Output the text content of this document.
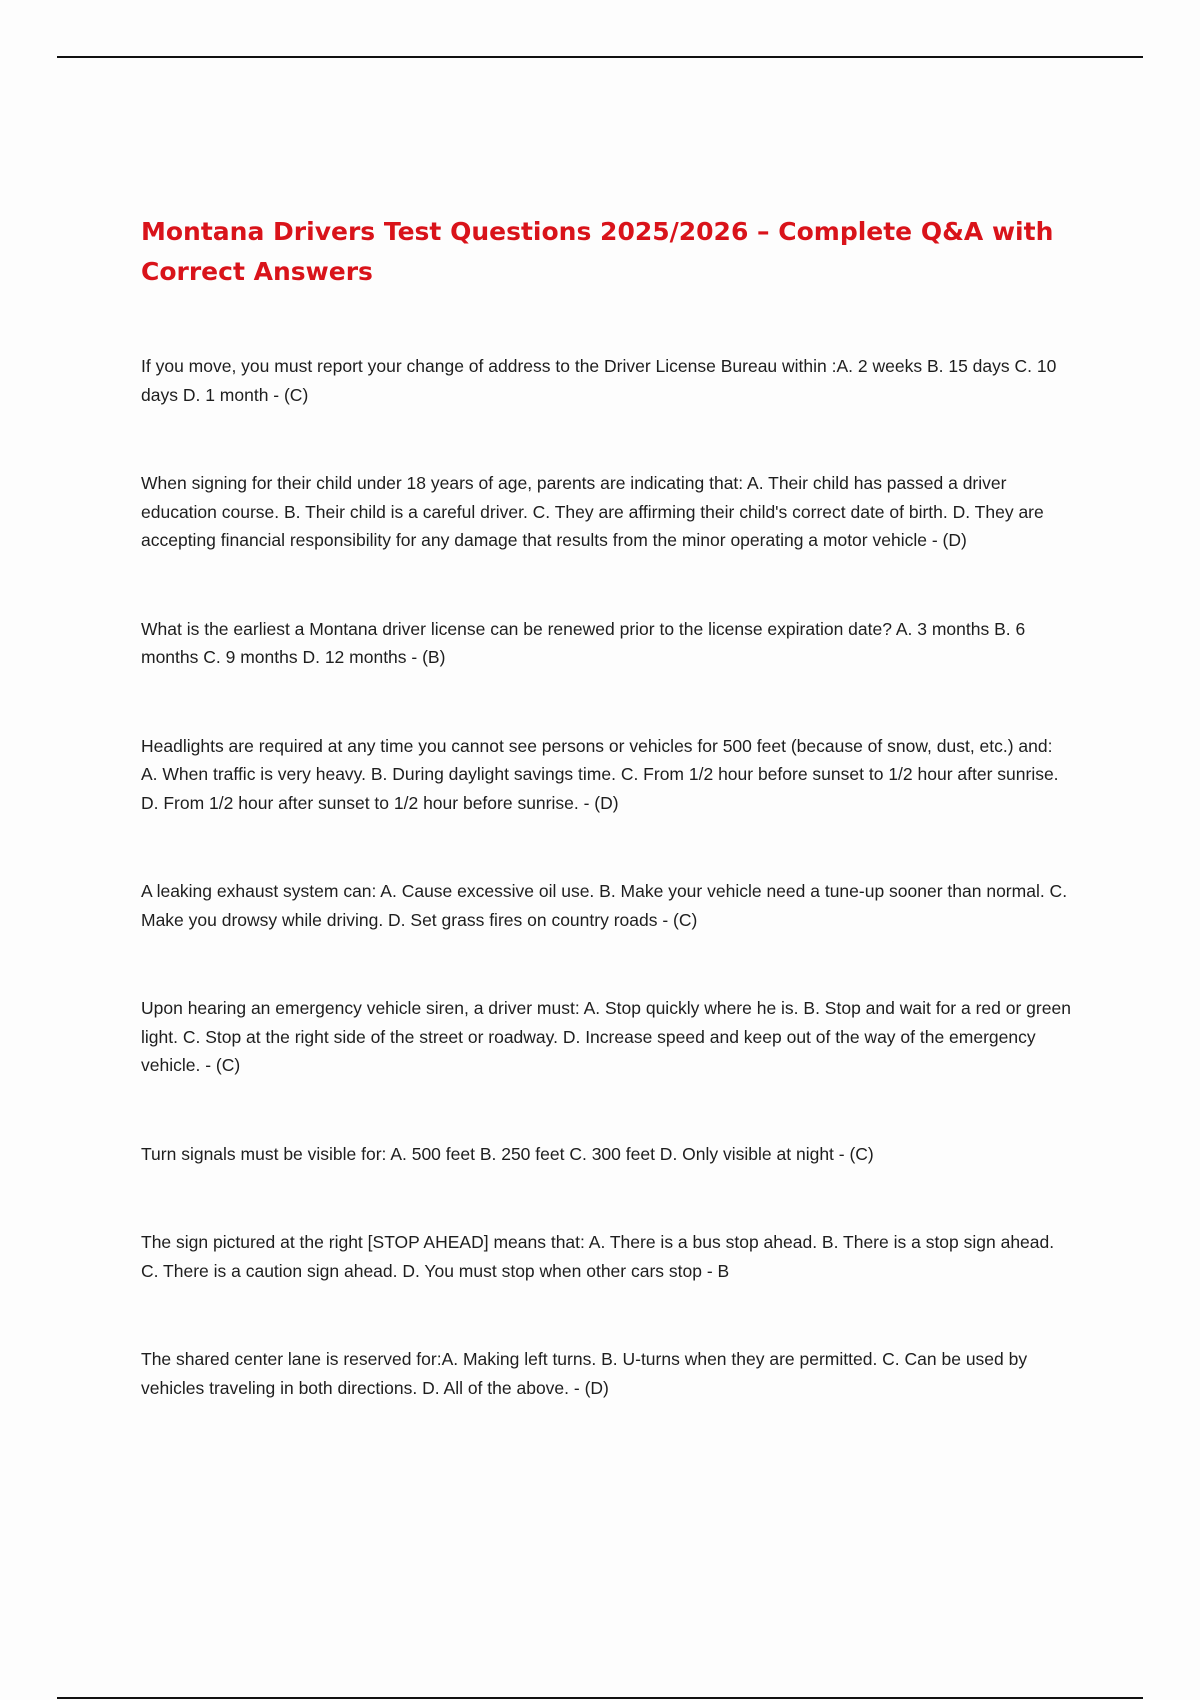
Montana Drivers Test Questions 2025/2026 – Complete Q&A with Correct Answers
If you move, you must report your change of address to the Driver License Bureau within :A. 2 weeks B. 15 days C. 10 days D. 1 month - (C)
When signing for their child under 18 years of age, parents are indicating that: A. Their child has passed a driver education course. B. Their child is a careful driver. C. They are affirming their child's correct date of birth. D. They are accepting financial responsibility for any damage that results from the minor operating a motor vehicle - (D)
What is the earliest a Montana driver license can be renewed prior to the license expiration date? A. 3 months B. 6 months C. 9 months D. 12 months - (B)
Headlights are required at any time you cannot see persons or vehicles for 500 feet (because of snow, dust, etc.) and: A. When traffic is very heavy. B. During daylight savings time. C. From 1/2 hour before sunset to 1/2 hour after sunrise. D. From 1/2 hour after sunset to 1/2 hour before sunrise. - (D)
A leaking exhaust system can: A. Cause excessive oil use. B. Make your vehicle need a tune-up sooner than normal. C. Make you drowsy while driving. D. Set grass fires on country roads - (C)
Upon hearing an emergency vehicle siren, a driver must: A. Stop quickly where he is. B. Stop and wait for a red or green light. C. Stop at the right side of the street or roadway. D. Increase speed and keep out of the way of the emergency vehicle. - (C)
Turn signals must be visible for: A. 500 feet B. 250 feet C. 300 feet D. Only visible at night - (C)
The sign pictured at the right [STOP AHEAD] means that: A. There is a bus stop ahead. B. There is a stop sign ahead. C. There is a caution sign ahead. D. You must stop when other cars stop - B
The shared center lane is reserved for:A. Making left turns. B. U-turns when they are permitted. C. Can be used by vehicles traveling in both directions. D. All of the above. - (D)
